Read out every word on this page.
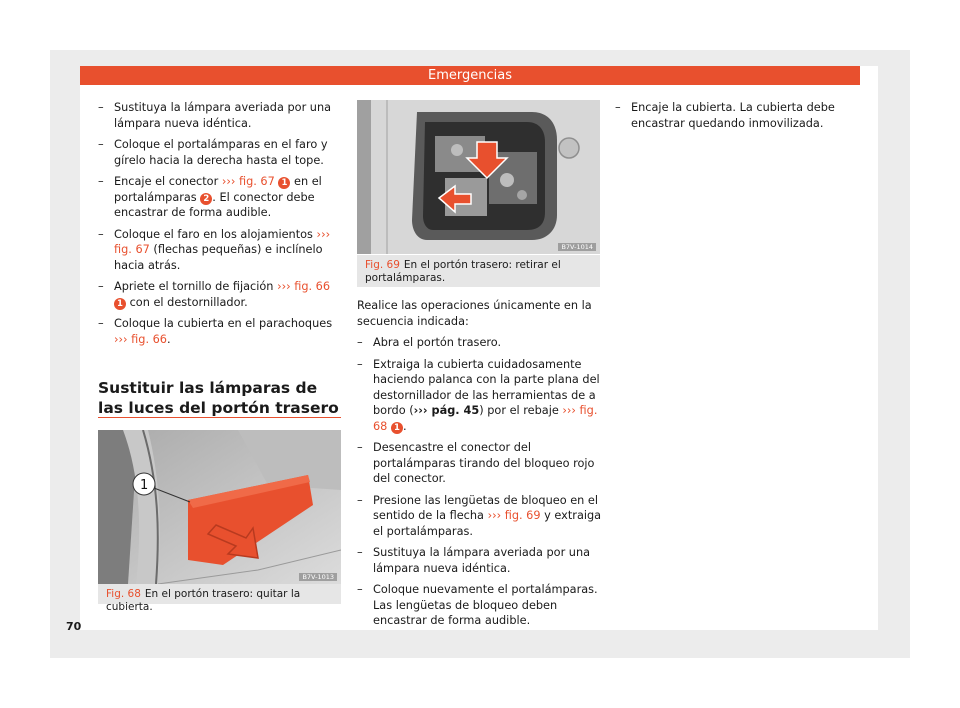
Emergencias
– Sustituya la lámpara averiada por una lámpara nueva idéntica.
– Coloque el portalámparas en el faro y gírelo hacia la derecha hasta el tope.
– Encaje el conector ››› fig. 67 1 en el portalámparas 2 . El conector debe encastrar de forma audible.
– Coloque el faro en los alojamientos ››› fig. 67 (flechas pequeñas) e inclínelo hacia atrás.
– Apriete el tornillo de fijación ››› fig. 66 1 con el destornillador.
– Coloque la cubierta en el parachoques ››› fig. 66.
Sustituir las lámparas de las luces del portón trasero
1
B7V-1013
Fig. 68 En el portón trasero: quitar la cubierta.
B7V-1014
Fig. 69 En el portón trasero: retirar el portalámparas.
Realice las operaciones únicamente en la secuencia indicada:
– Abra el portón trasero.
– Extraiga la cubierta cuidadosamente haciendo palanca con la parte plana del destornillador de las herramientas de a bordo (››› pág. 45) por el rebaje ››› fig. 68 1 .
– Desencastre el conector del portalámparas tirando del bloqueo rojo del conector.
– Presione las lengüetas de bloqueo en el sentido de la flecha ››› fig. 69 y extraiga el portalámparas.
– Sustituya la lámpara averiada por una lámpara nueva idéntica.
– Coloque nuevamente el portalámparas. Las lengüetas de bloqueo deben encastrar de forma audible.
– Encaje la cubierta. La cubierta debe encastrar quedando inmovilizada.
70
